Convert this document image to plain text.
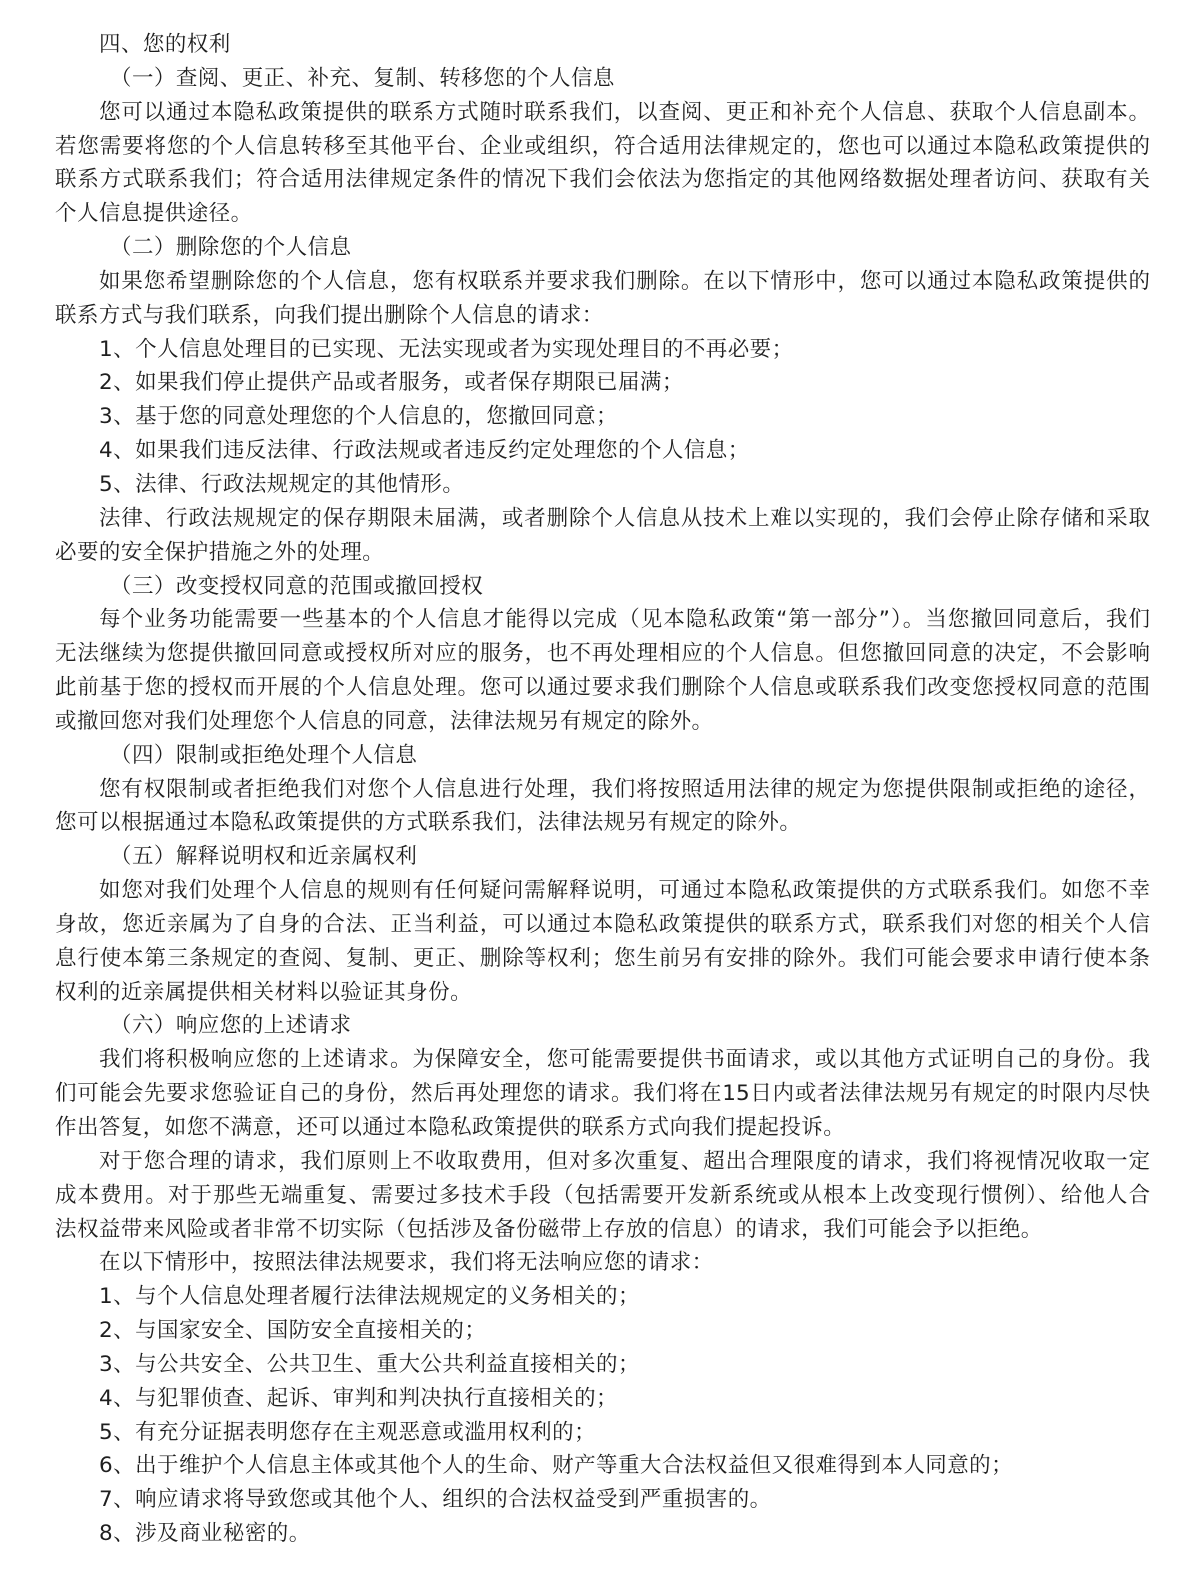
四、您的权利
（一）查阅、更正、补充、复制、转移您的个人信息
您可以通过本隐私政策提供的联系方式随时联系我们，以查阅、更正和补充个人信息、获取个人信息副本。
若您需要将您的个人信息转移至其他平台、企业或组织，符合适用法律规定的，您也可以通过本隐私政策提供的
联系方式联系我们；符合适用法律规定条件的情况下我们会依法为您指定的其他网络数据处理者访问、获取有关
个人信息提供途径。
（二）删除您的个人信息
如果您希望删除您的个人信息，您有权联系并要求我们删除。在以下情形中，您可以通过本隐私政策提供的
联系方式与我们联系，向我们提出删除个人信息的请求：
1、个人信息处理目的已实现、无法实现或者为实现处理目的不再必要；
2、如果我们停止提供产品或者服务，或者保存期限已届满；
3、基于您的同意处理您的个人信息的，您撤回同意；
4、如果我们违反法律、行政法规或者违反约定处理您的个人信息；
5、法律、行政法规规定的其他情形。
法律、行政法规规定的保存期限未届满，或者删除个人信息从技术上难以实现的，我们会停止除存储和采取
必要的安全保护措施之外的处理。
（三）改变授权同意的范围或撤回授权
每个业务功能需要一些基本的个人信息才能得以完成（见本隐私政策“第一部分”）。当您撤回同意后，我们
无法继续为您提供撤回同意或授权所对应的服务，也不再处理相应的个人信息。但您撤回同意的决定，不会影响
此前基于您的授权而开展的个人信息处理。您可以通过要求我们删除个人信息或联系我们改变您授权同意的范围
或撤回您对我们处理您个人信息的同意，法律法规另有规定的除外。
（四）限制或拒绝处理个人信息
您有权限制或者拒绝我们对您个人信息进行处理，我们将按照适用法律的规定为您提供限制或拒绝的途径，
您可以根据通过本隐私政策提供的方式联系我们，法律法规另有规定的除外。
（五）解释说明权和近亲属权利
如您对我们处理个人信息的规则有任何疑问需解释说明，可通过本隐私政策提供的方式联系我们。如您不幸
身故，您近亲属为了自身的合法、正当利益，可以通过本隐私政策提供的联系方式，联系我们对您的相关个人信
息行使本第三条规定的查阅、复制、更正、删除等权利；您生前另有安排的除外。我们可能会要求申请行使本条
权利的近亲属提供相关材料以验证其身份。
（六）响应您的上述请求
我们将积极响应您的上述请求。为保障安全，您可能需要提供书面请求，或以其他方式证明自己的身份。我
们可能会先要求您验证自己的身份，然后再处理您的请求。我们将在15日内或者法律法规另有规定的时限内尽快
作出答复，如您不满意，还可以通过本隐私政策提供的联系方式向我们提起投诉。
对于您合理的请求，我们原则上不收取费用，但对多次重复、超出合理限度的请求，我们将视情况收取一定
成本费用。对于那些无端重复、需要过多技术手段（包括需要开发新系统或从根本上改变现行惯例）、给他人合
法权益带来风险或者非常不切实际（包括涉及备份磁带上存放的信息）的请求，我们可能会予以拒绝。
在以下情形中，按照法律法规要求，我们将无法响应您的请求：
1、与个人信息处理者履行法律法规规定的义务相关的；
2、与国家安全、国防安全直接相关的；
3、与公共安全、公共卫生、重大公共利益直接相关的；
4、与犯罪侦查、起诉、审判和判决执行直接相关的；
5、有充分证据表明您存在主观恶意或滥用权利的；
6、出于维护个人信息主体或其他个人的生命、财产等重大合法权益但又很难得到本人同意的；
7、响应请求将导致您或其他个人、组织的合法权益受到严重损害的。
8、涉及商业秘密的。
